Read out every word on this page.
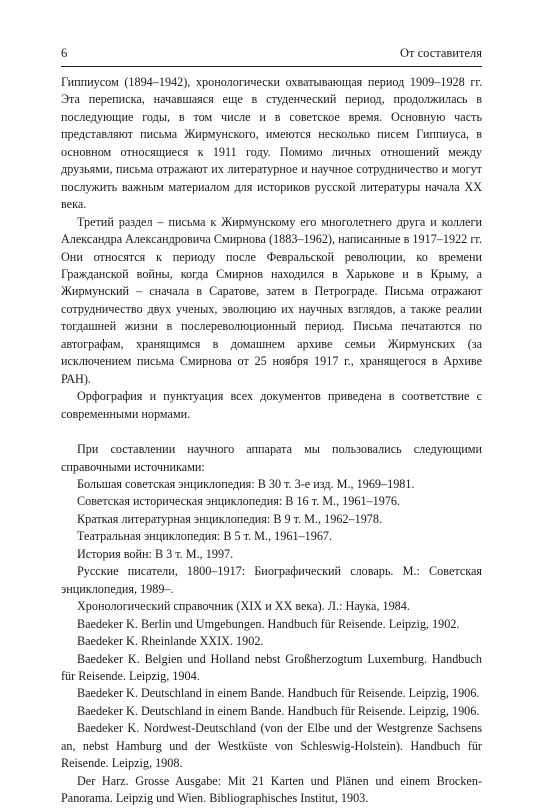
6	От составителя

Гиппиусом (1894–1942), хронологически охватывающая период 1909–1928 гг. Эта переписка, начавшаяся еще в студенческий период, продолжилась в последующие годы, в том числе и в советское время. Основную часть представляют письма Жирмунского, имеются несколько писем Гиппиуса, в основном относящиеся к 1911 году. Помимо личных отношений между друзьями, письма отражают их литературное и научное сотрудничество и могут послужить важным материалом для историков русской литературы начала XX века.

Третий раздел – письма к Жирмунскому его многолетнего друга и коллеги Александра Александровича Смирнова (1883–1962), написанные в 1917–1922 гг. Они относятся к периоду после Февральской революции, ко времени Гражданской войны, когда Смирнов находился в Харькове и в Крыму, а Жирмунский – сначала в Саратове, затем в Петрограде. Письма отражают сотрудничество двух ученых, эволюцию их научных взглядов, а также реалии тогдашней жизни в послереволюционный период. Письма печатаются по автографам, хранящимся в домашнем архиве семьи Жирмунских (за исключением письма Смирнова от 25 ноября 1917 г., хранящегося в Архиве РАН).

Орфография и пунктуация всех документов приведена в соответствие с современными нормами.

При составлении научного аппарата мы пользовались следующими справочными источниками:

Большая советская энциклопедия: В 30 т. 3-е изд. М., 1969–1981.

Советская историческая энциклопедия: В 16 т. М., 1961–1976.

Краткая литературная энциклопедия: В 9 т. М., 1962–1978.

Театральная энциклопедия: В 5 т. М., 1961–1967.

История войн: В 3 т. М., 1997.

Русские писатели, 1800–1917: Биографический словарь. М.: Советская энциклопедия, 1989–.

Хронологический справочник (XIX и XX века). Л.: Наука, 1984.

Baedeker K. Berlin und Umgebungen. Handbuch für Reisende. Leipzig, 1902.

Baedeker K. Rheinlande XXIX. 1902.

Baedeker K. Belgien und Holland nebst Großherzogtum Luxemburg. Handbuch für Reisende. Leipzig, 1904.

Baedeker K. Deutschland in einem Bande. Handbuch für Reisende. Leipzig, 1906.

Baedeker K. Deutschland in einem Bande. Handbuch für Reisende. Leipzig, 1906.

Baedeker K. Nordwest-Deutschland (von der Elbe und der Westgrenze Sachsens an, nebst Hamburg und der Westküste von Schleswig-Holstein). Handbuch für Reisende. Leipzig, 1908.

Der Harz. Grosse Ausgabe: Mit 21 Karten und Plänen und einem Brocken-Panorama. Leipzig und Wien. Bibliographisches Institut, 1903.
